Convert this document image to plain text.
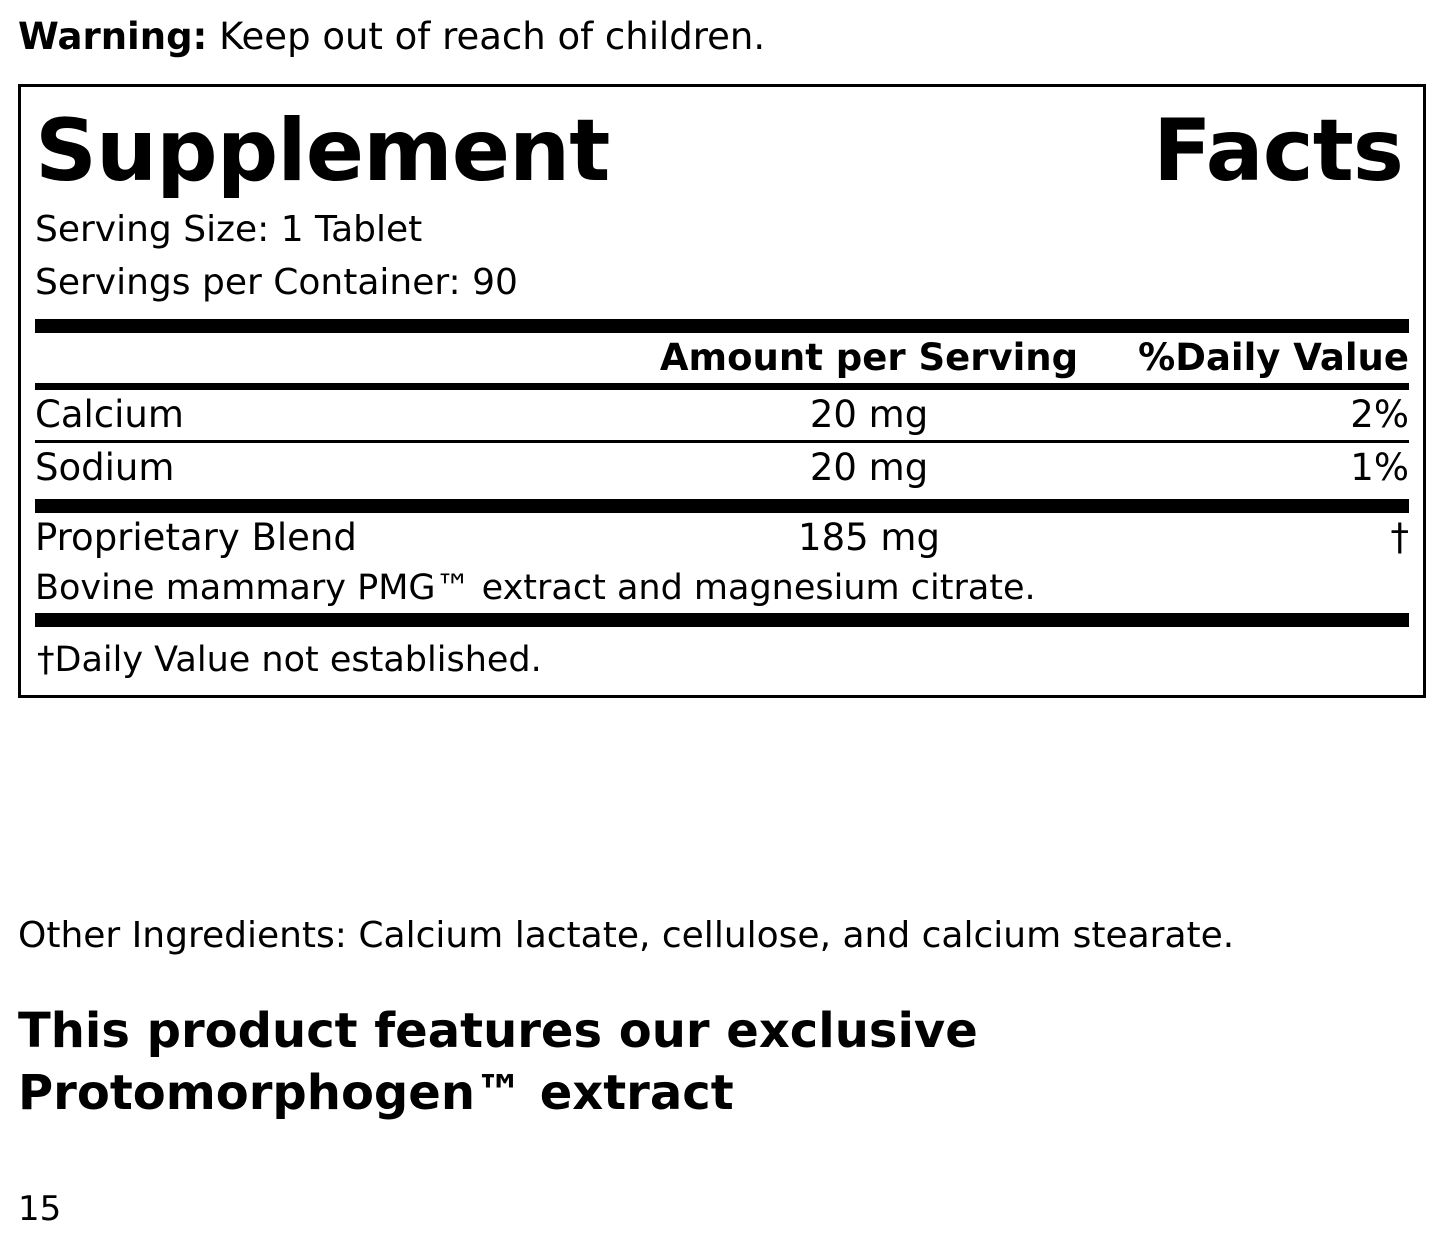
Warning: Keep out of reach of children.
Supplement	Facts
Serving Size: 1 Tablet
Servings per Container: 90
	Amount per Serving	%Daily Value
Calcium	20 mg	2%
Sodium	20 mg	1%
Proprietary Blend	185 mg	†
Bovine mammary PMG™ extract and magnesium citrate.
†Daily Value not established.
Other Ingredients: Calcium lactate, cellulose, and calcium stearate.
This product features our exclusive Protomorphogen™ extract
15
